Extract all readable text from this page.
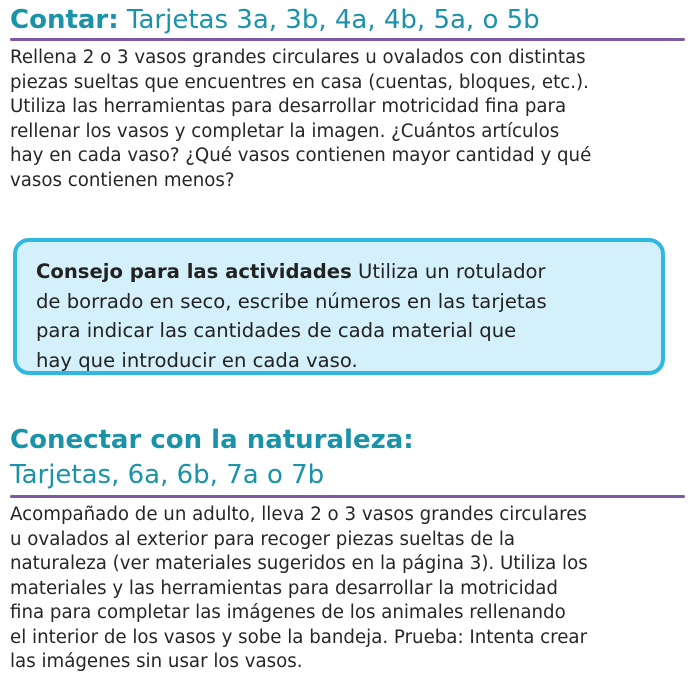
Contar: Tarjetas 3a, 3b, 4a, 4b, 5a, o 5b

Rellena 2 o 3 vasos grandes circulares u ovalados con distintas

piezas sueltas que encuentres en casa (cuentas, bloques, etc.).

Utiliza las herramientas para desarrollar motricidad fina para

rellenar los vasos y completar la imagen. ¿Cuántos artículos

hay en cada vaso? ¿Qué vasos contienen mayor cantidad y qué

vasos contienen menos?

Consejo para las actividades Utiliza un rotulador

de borrado en seco, escribe números en las tarjetas

para indicar las cantidades de cada material que

hay que introducir en cada vaso.

Conectar con la naturaleza:
Tarjetas, 6a, 6b, 7a o 7b

Acompañado de un adulto, lleva 2 o 3 vasos grandes circulares

u ovalados al exterior para recoger piezas sueltas de la

naturaleza (ver materiales sugeridos en la página 3). Utiliza los

materiales y las herramientas para desarrollar la motricidad

fina para completar las imágenes de los animales rellenando

el interior de los vasos y sobe la bandeja. Prueba: Intenta crear

las imágenes sin usar los vasos.
